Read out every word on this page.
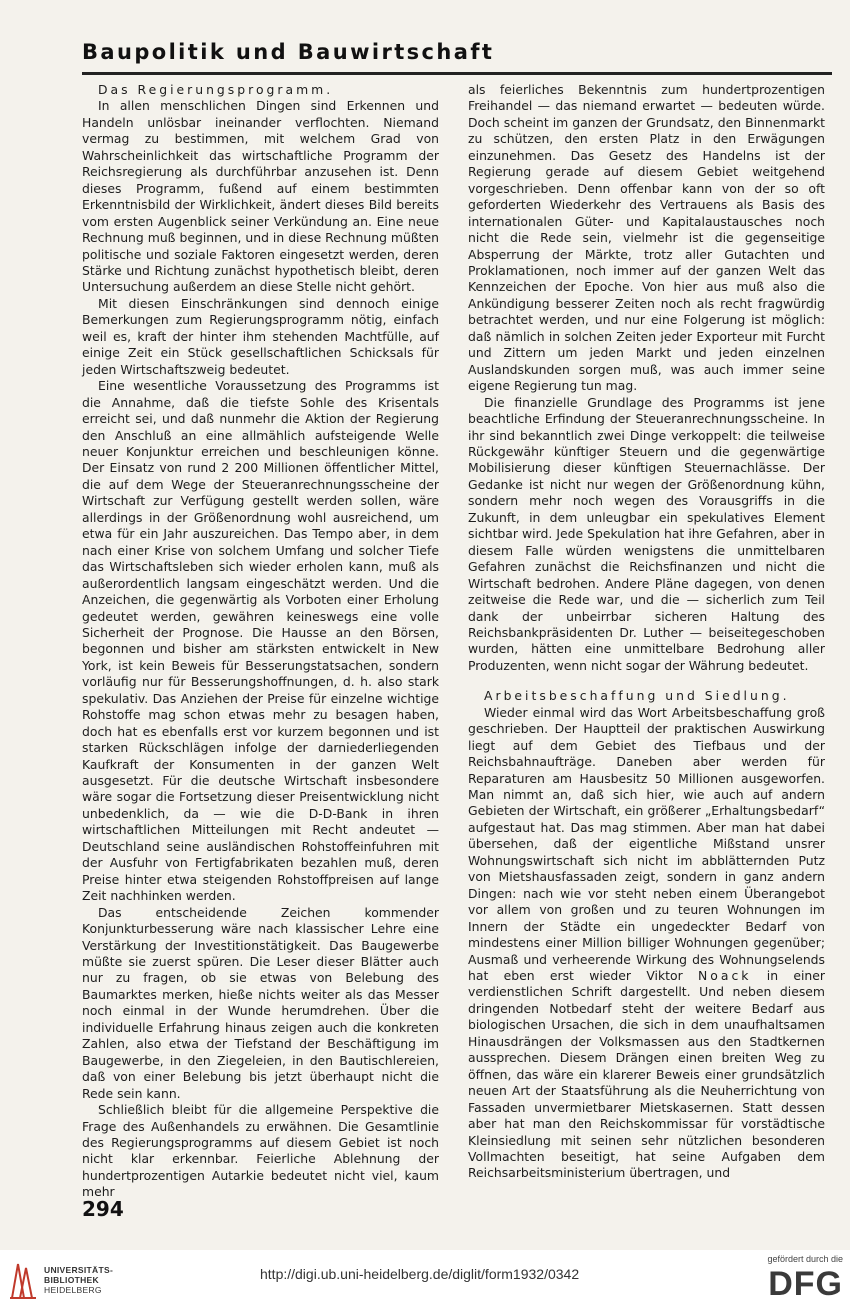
Baupolitik und Bauwirtschaft

Das Regierungsprogramm.

In allen menschlichen Dingen sind Erkennen und Handeln unlösbar ineinander verflochten. Niemand vermag zu bestimmen, mit welchem Grad von Wahrscheinlichkeit das wirtschaftliche Programm der Reichsregierung als durchführbar anzusehen ist. Denn dieses Programm, fußend auf einem bestimmten Erkenntnisbild der Wirklichkeit, ändert dieses Bild bereits vom ersten Augenblick seiner Verkündung an. Eine neue Rechnung muß beginnen, und in diese Rechnung müßten politische und soziale Faktoren eingesetzt werden, deren Stärke und Richtung zunächst hypothetisch bleibt, deren Untersuchung außerdem an diese Stelle nicht gehört.

Mit diesen Einschränkungen sind dennoch einige Bemerkungen zum Regierungsprogramm nötig, einfach weil es, kraft der hinter ihm stehenden Machtfülle, auf einige Zeit ein Stück gesellschaftlichen Schicksals für jeden Wirtschaftszweig bedeutet.

Eine wesentliche Voraussetzung des Programms ist die Annahme, daß die tiefste Sohle des Krisentals erreicht sei, und daß nunmehr die Aktion der Regierung den Anschluß an eine allmählich aufsteigende Welle neuer Konjunktur erreichen und beschleunigen könne. Der Einsatz von rund 2 200 Millionen öffentlicher Mittel, die auf dem Wege der Steueranrechnungsscheine der Wirtschaft zur Verfügung gestellt werden sollen, wäre allerdings in der Größenordnung wohl ausreichend, um etwa für ein Jahr auszureichen. Das Tempo aber, in dem nach einer Krise von solchem Umfang und solcher Tiefe das Wirtschaftsleben sich wieder erholen kann, muß als außerordentlich langsam eingeschätzt werden. Und die Anzeichen, die gegenwärtig als Vorboten einer Erholung gedeutet werden, gewähren keineswegs eine volle Sicherheit der Prognose. Die Hausse an den Börsen, begonnen und bisher am stärksten entwickelt in New York, ist kein Beweis für Besserungstatsachen, sondern vorläufig nur für Besserungshoffnungen, d. h. also stark spekulativ. Das Anziehen der Preise für einzelne wichtige Rohstoffe mag schon etwas mehr zu besagen haben, doch hat es ebenfalls erst vor kurzem begonnen und ist starken Rückschlägen infolge der darniederliegenden Kaufkraft der Konsumenten in der ganzen Welt ausgesetzt. Für die deutsche Wirtschaft insbesondere wäre sogar die Fortsetzung dieser Preisentwicklung nicht unbedenklich, da — wie die D-D-Bank in ihren wirtschaftlichen Mitteilungen mit Recht andeutet — Deutschland seine ausländischen Rohstoffeinfuhren mit der Ausfuhr von Fertigfabrikaten bezahlen muß, deren Preise hinter etwa steigenden Rohstoffpreisen auf lange Zeit nachhinken werden.

Das entscheidende Zeichen kommender Konjunkturbesserung wäre nach klassischer Lehre eine Verstärkung der Investitionstätigkeit. Das Baugewerbe müßte sie zuerst spüren. Die Leser dieser Blätter auch nur zu fragen, ob sie etwas von Belebung des Baumarktes merken, hieße nichts weiter als das Messer noch einmal in der Wunde herumdrehen. Über die individuelle Erfahrung hinaus zeigen auch die konkreten Zahlen, also etwa der Tiefstand der Beschäftigung im Baugewerbe, in den Ziegeleien, in den Bautischlereien, daß von einer Belebung bis jetzt überhaupt nicht die Rede sein kann.

Schließlich bleibt für die allgemeine Perspektive die Frage des Außenhandels zu erwähnen. Die Gesamtlinie des Regierungsprogramms auf diesem Gebiet ist noch nicht klar erkennbar. Feierliche Ablehnung der hundertprozentigen Autarkie bedeutet nicht viel, kaum mehr

als feierliches Bekenntnis zum hundertprozentigen Freihandel — das niemand erwartet — bedeuten würde. Doch scheint im ganzen der Grundsatz, den Binnenmarkt zu schützen, den ersten Platz in den Erwägungen einzunehmen. Das Gesetz des Handelns ist der Regierung gerade auf diesem Gebiet weitgehend vorgeschrieben. Denn offenbar kann von der so oft geforderten Wiederkehr des Vertrauens als Basis des internationalen Güter- und Kapitalaustausches noch nicht die Rede sein, vielmehr ist die gegenseitige Absperrung der Märkte, trotz aller Gutachten und Proklamationen, noch immer auf der ganzen Welt das Kennzeichen der Epoche. Von hier aus muß also die Ankündigung besserer Zeiten noch als recht fragwürdig betrachtet werden, und nur eine Folgerung ist möglich: daß nämlich in solchen Zeiten jeder Exporteur mit Furcht und Zittern um jeden Markt und jeden einzelnen Auslandskunden sorgen muß, was auch immer seine eigene Regierung tun mag.

Die finanzielle Grundlage des Programms ist jene beachtliche Erfindung der Steueranrechnungsscheine. In ihr sind bekanntlich zwei Dinge verkoppelt: die teilweise Rückgewähr künftiger Steuern und die gegenwärtige Mobilisierung dieser künftigen Steuernachlässe. Der Gedanke ist nicht nur wegen der Größenordnung kühn, sondern mehr noch wegen des Vorausgriffs in die Zukunft, in dem unleugbar ein spekulatives Element sichtbar wird. Jede Spekulation hat ihre Gefahren, aber in diesem Falle würden wenigstens die unmittelbaren Gefahren zunächst die Reichsfinanzen und nicht die Wirtschaft bedrohen. Andere Pläne dagegen, von denen zeitweise die Rede war, und die — sicherlich zum Teil dank der unbeirrbar sicheren Haltung des Reichsbankpräsidenten Dr. Luther — beiseitegeschoben wurden, hätten eine unmittelbare Bedrohung aller Produzenten, wenn nicht sogar der Währung bedeutet.

Arbeitsbeschaffung und Siedlung.

Wieder einmal wird das Wort Arbeitsbeschaffung groß geschrieben. Der Hauptteil der praktischen Auswirkung liegt auf dem Gebiet des Tiefbaus und der Reichsbahnaufträge. Daneben aber werden für Reparaturen am Hausbesitz 50 Millionen ausgeworfen. Man nimmt an, daß sich hier, wie auch auf andern Gebieten der Wirtschaft, ein größerer „Erhaltungsbedarf“ aufgestaut hat. Das mag stimmen. Aber man hat dabei übersehen, daß der eigentliche Mißstand unsrer Wohnungswirtschaft sich nicht im abblätternden Putz von Mietshausfassaden zeigt, sondern in ganz andern Dingen: nach wie vor steht neben einem Überangebot vor allem von großen und zu teuren Wohnungen im Innern der Städte ein ungedeckter Bedarf von mindestens einer Million billiger Wohnungen gegenüber; Ausmaß und verheerende Wirkung des Wohnungselends hat eben erst wieder Viktor Noack in einer verdienstlichen Schrift dargestellt. Und neben diesem dringenden Notbedarf steht der weitere Bedarf aus biologischen Ursachen, die sich in dem unaufhaltsamen Hinausdrängen der Volksmassen aus den Stadtkernen aussprechen. Diesem Drängen einen breiten Weg zu öffnen, das wäre ein klarerer Beweis einer grundsätzlich neuen Art der Staatsführung als die Neuherrichtung von Fassaden unvermietbarer Mietskasernen. Statt dessen aber hat man den Reichskommissar für vorstädtische Kleinsiedlung mit seinen sehr nützlichen besonderen Vollmachten beseitigt, hat seine Aufgaben dem Reichsarbeitsministerium übertragen, und

294
UNIVERSITÄTS-
BIBLIOTHEK
HEIDELBERG
http://digi.ub.uni-heidelberg.de/diglit/form1932/0342
gefördert durch die
DFG
